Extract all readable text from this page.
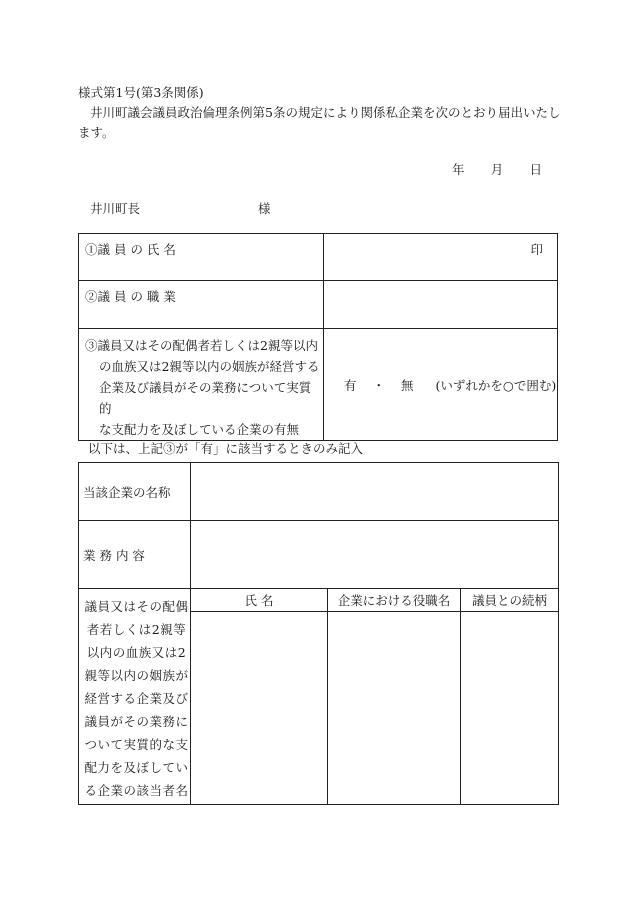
様式第1号(第3条関係)
井川町議会議員政治倫理条例第5条の規定により関係私企業を次のとおり届出いたします。
年 月 日
井川町長	様
①議 員 の 氏 名	印

②議 員 の 職 業	

③議員又はその配偶者若しくは2親等以内
の血族又は2親等以内の姻族が経営する
企業及び議員がその業務について実質的
な支配力を及ぼしている企業の有無	有 ・ 無 (いずれかを○で囲む)
以下は、上記③が「有」に該当するときのみ記入
当該企業の名称			
業 務 内 容			
議員又はその配偶者若しくは2親等以内の血族又は2親等以内の姻族が経営する企業及び議員がその業務について実質的な支配力を及ぼしている企業の該当者名	氏 名	企業における役職名	議員との続柄
